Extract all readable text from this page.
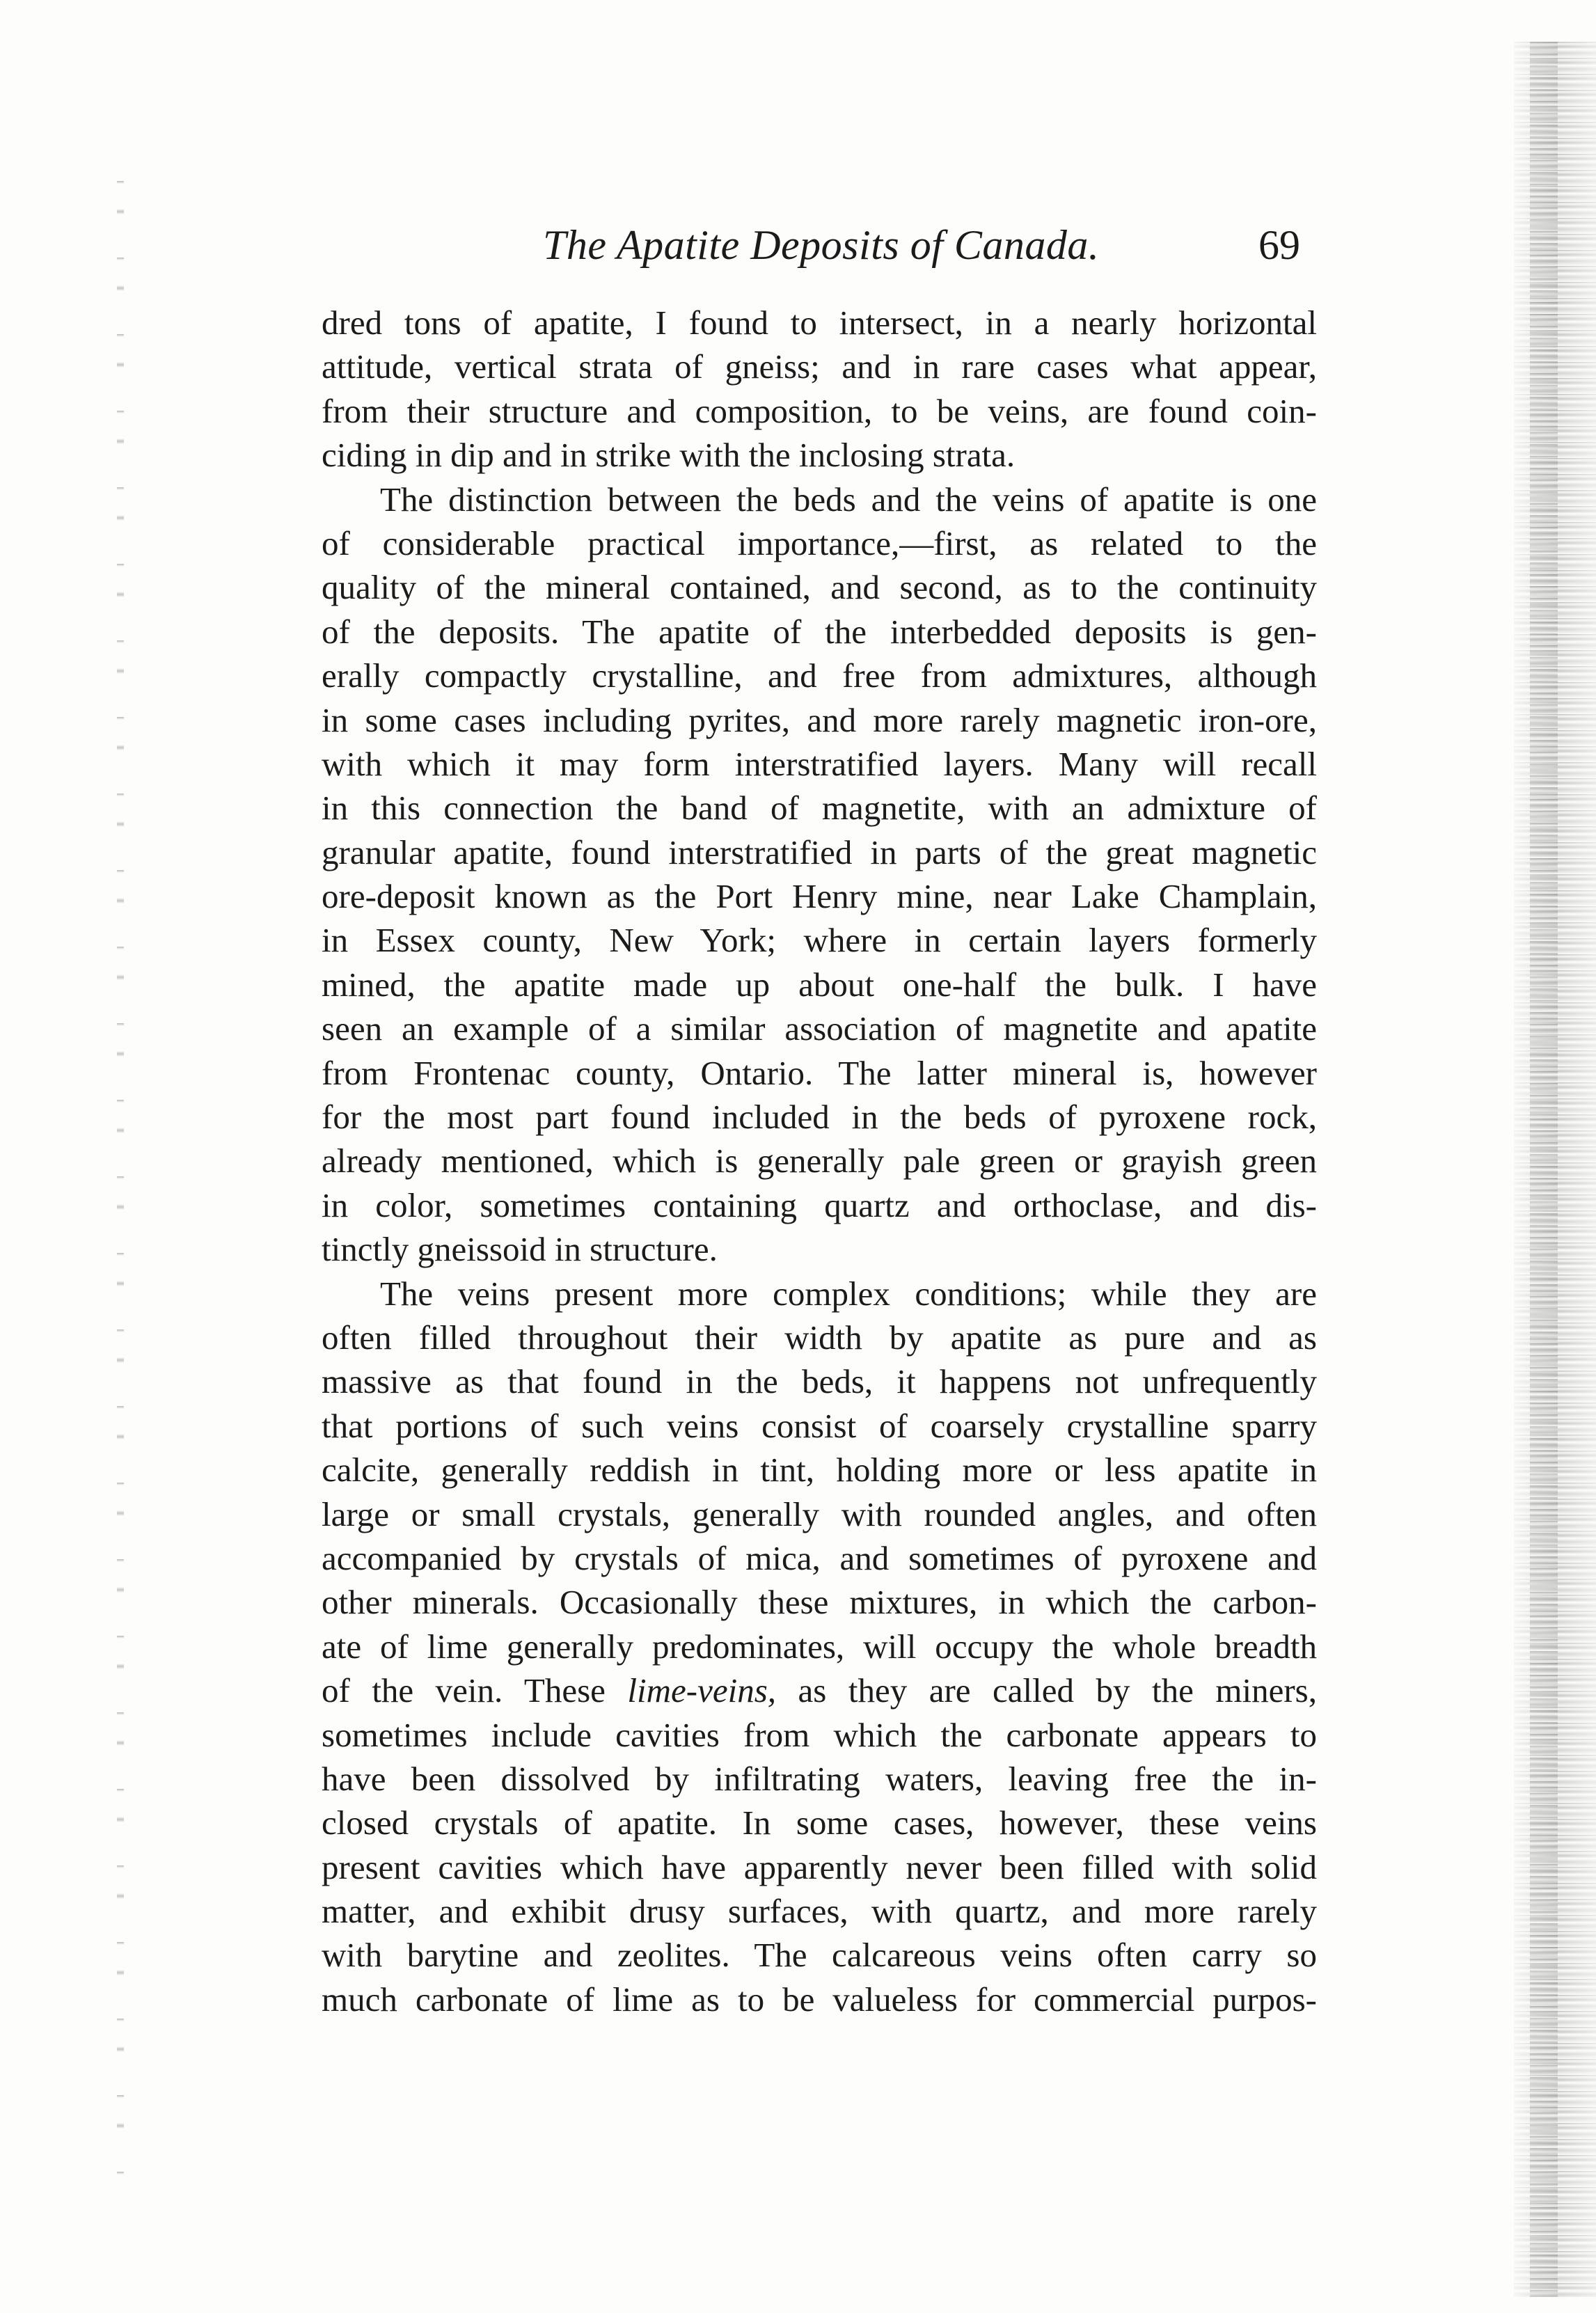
The Apatite Deposits of Canada.	69
dred tons of apatite, I found to intersect, in a nearly horizontal
attitude, vertical strata of gneiss; and in rare cases what appear,
from their structure and composition, to be veins, are found coin-
ciding in dip and in strike with the inclosing strata.
The distinction between the beds and the veins of apatite is one
of considerable practical importance,—first, as related to the
quality of the mineral contained, and second, as to the continuity
of the deposits. The apatite of the interbedded deposits is gen-
erally compactly crystalline, and free from admixtures, although
in some cases including pyrites, and more rarely magnetic iron-ore,
with which it may form interstratified layers. Many will recall
in this connection the band of magnetite, with an admixture of
granular apatite, found interstratified in parts of the great magnetic
ore-deposit known as the Port Henry mine, near Lake Champlain,
in Essex county, New York; where in certain layers formerly
mined, the apatite made up about one-half the bulk. I have
seen an example of a similar association of magnetite and apatite
from Frontenac county, Ontario. The latter mineral is, however
for the most part found included in the beds of pyroxene rock,
already mentioned, which is generally pale green or grayish green
in color, sometimes containing quartz and orthoclase, and dis-
tinctly gneissoid in structure.
The veins present more complex conditions; while they are
often filled throughout their width by apatite as pure and as
massive as that found in the beds, it happens not unfrequently
that portions of such veins consist of coarsely crystalline sparry
calcite, generally reddish in tint, holding more or less apatite in
large or small crystals, generally with rounded angles, and often
accompanied by crystals of mica, and sometimes of pyroxene and
other minerals. Occasionally these mixtures, in which the carbon-
ate of lime generally predominates, will occupy the whole breadth
of the vein. These lime-veins, as they are called by the miners,
sometimes include cavities from which the carbonate appears to
have been dissolved by infiltrating waters, leaving free the in-
closed crystals of apatite. In some cases, however, these veins
present cavities which have apparently never been filled with solid
matter, and exhibit drusy surfaces, with quartz, and more rarely
with barytine and zeolites. The calcareous veins often carry so
much carbonate of lime as to be valueless for commercial purpos-
